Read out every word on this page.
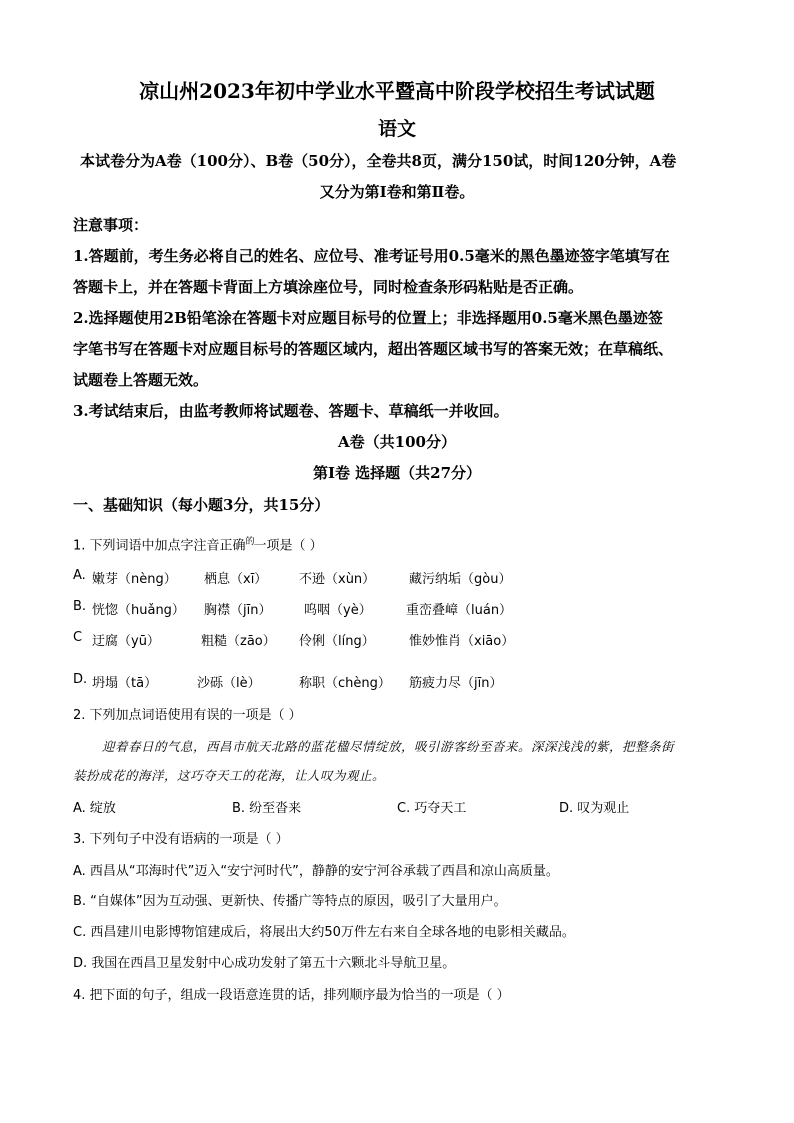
凉山州2023年初中学业水平暨高中阶段学校招生考试试题
语文
本试卷分为A卷（100分）、B卷（50分），全卷共8页，满分150试，时间120分钟，A卷
又分为第Ⅰ卷和第Ⅱ卷。
注意事项：
1.答题前，考生务必将自己的姓名、应位号、准考证号用0.5毫米的黑色墨迹签字笔填写在
答题卡上，并在答题卡背面上方填涂座位号，同时检查条形码粘贴是否正确。
2.选择题使用2B铅笔涂在答题卡对应题目标号的位置上；非选择题用0.5毫米黑色墨迹签
字笔书写在答题卡对应题目标号的答题区域内，超出答题区域书写的答案无效；在草稿纸、
试题卷上答题无效。
3.考试结束后，由监考教师将试题卷、答题卡、草稿纸一并收回。
A卷（共100分）
第Ⅰ卷 选择题（共27分）
一、基础知识（每小题3分，共15分）
1. 下列词语中加点字注音正确的一项是（ ）
A. 嫩芽（nèng） 栖息（xī） 不逊（xùn）	藏污纳垢（gòu）
B. 恍惚（huǎng） 胸襟（jīn）	呜咽（yè）	重峦叠嶂（luán）
C 迂腐（yū）	粗糙（zāo） 伶俐（líng）	惟妙惟肖（xiāo）
D. 坍塌（tā）	沙砾（lè）	称职（chèng） 筋疲力尽（jīn）
2. 下列加点词语使用有误的一项是（ ）
迎着春日的气息，西昌市航天北路的蓝花楹尽情绽放，吸引游客纷至沓来。深深浅浅的紫，把整条街
装扮成花的海洋，这巧夺天工的花海，让人叹为观止。
A. 绽放	B. 纷至沓来	C. 巧夺天工	D. 叹为观止
3. 下列句子中没有语病的一项是（ ）
A. 西昌从“邛海时代”迈入“安宁河时代”，静静的安宁河谷承载了西昌和凉山高质量。
B. “自媒体”因为互动强、更新快、传播广等特点的原因，吸引了大量用户。
C. 西昌建川电影博物馆建成后，将展出大约50万件左右来自全球各地的电影相关藏品。
D. 我国在西昌卫星发射中心成功发射了第五十六颗北斗导航卫星。
4. 把下面的句子，组成一段语意连贯的话，排列顺序最为恰当的一项是（ ）
